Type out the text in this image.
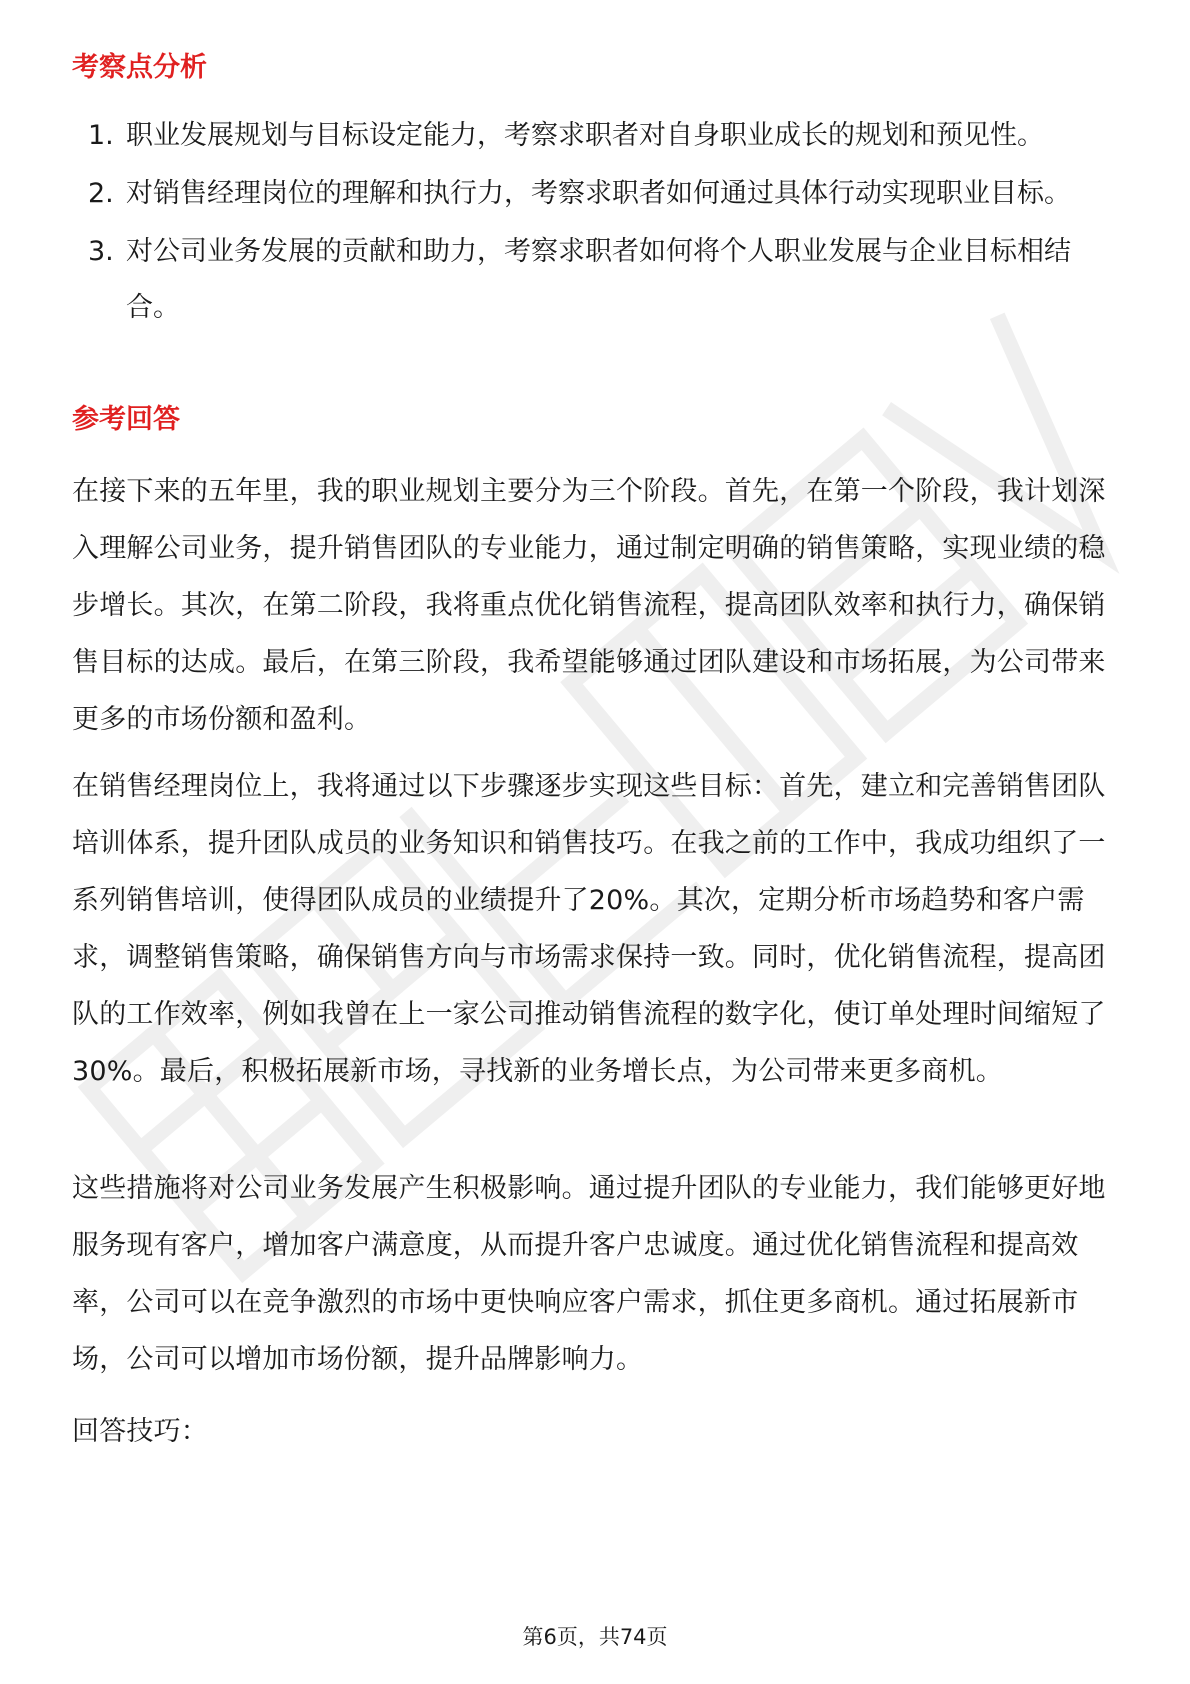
考察点分析
1. 职业发展规划与目标设定能力，考察求职者对自身职业成长的规划和预见性。
2. 对销售经理岗位的理解和执行力，考察求职者如何通过具体行动实现职业目标。
3. 对公司业务发展的贡献和助力，考察求职者如何将个人职业发展与企业目标相结合。
参考回答

在接下来的五年里，我的职业规划主要分为三个阶段。首先，在第一个阶段，我计划深入理解公司业务，提升销售团队的专业能力，通过制定明确的销售策略，实现业绩的稳步增长。其次，在第二阶段，我将重点优化销售流程，提高团队效率和执行力，确保销售目标的达成。最后，在第三阶段，我希望能够通过团队建设和市场拓展，为公司带来更多的市场份额和盈利。

在销售经理岗位上，我将通过以下步骤逐步实现这些目标：首先，建立和完善销售团队培训体系，提升团队成员的业务知识和销售技巧。在我之前的工作中，我成功组织了一系列销售培训，使得团队成员的业绩提升了20%。其次，定期分析市场趋势和客户需求，调整销售策略，确保销售方向与市场需求保持一致。同时，优化销售流程，提高团队的工作效率，例如我曾在上一家公司推动销售流程的数字化，使订单处理时间缩短了30%。最后，积极拓展新市场，寻找新的业务增长点，为公司带来更多商机。

这些措施将对公司业务发展产生积极影响。通过提升团队的专业能力，我们能够更好地服务现有客户，增加客户满意度，从而提升客户忠诚度。通过优化销售流程和提高效率，公司可以在竞争激烈的市场中更快响应客户需求，抓住更多商机。通过拓展新市场，公司可以增加市场份额，提升品牌影响力。

回答技巧：

第6页，共74页
